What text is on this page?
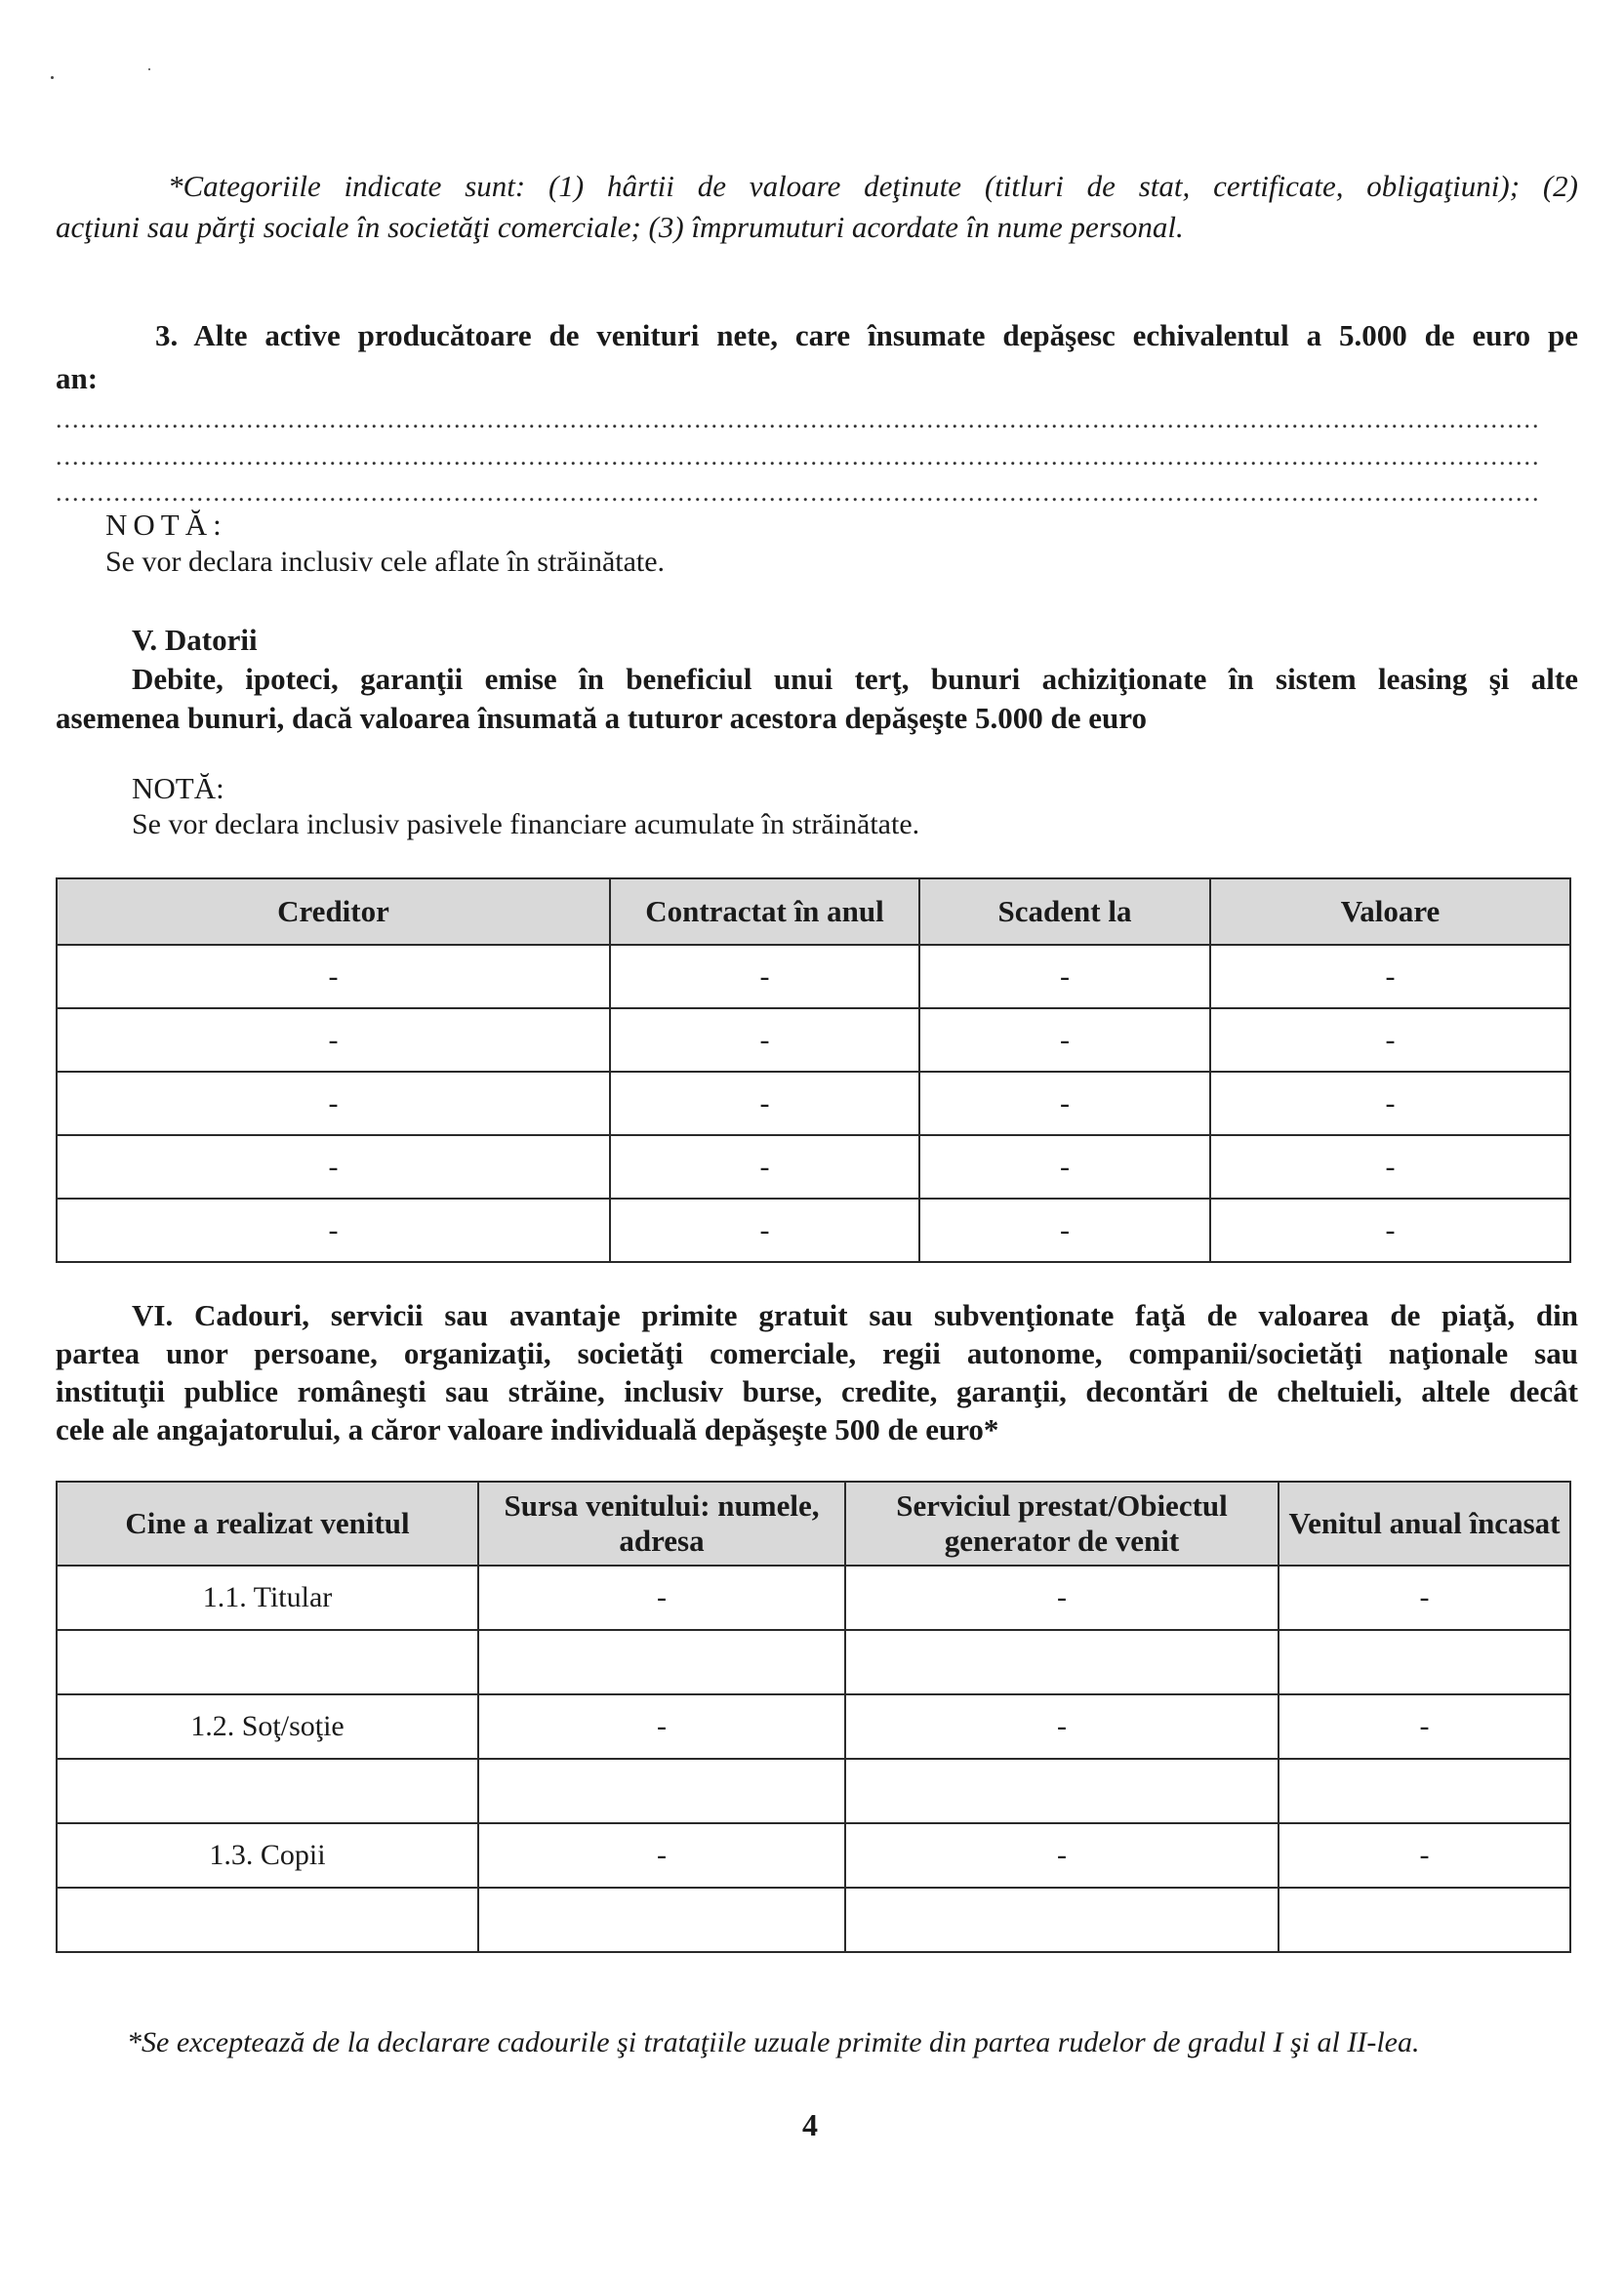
*Categoriile indicate sunt: (1) hârtii de valoare deţinute (titluri de stat, certificate, obligaţiuni); (2)
acţiuni sau părţi sociale în societăţi comerciale; (3) împrumuturi acordate în nume personal.
3. Alte active producătoare de venituri nete, care însumate depăşesc echivalentul a 5.000 de euro pe
an:
...................................................................................................................................................................................
...................................................................................................................................................................................
...................................................................................................................................................................................
NOTĂ:
Se vor declara inclusiv cele aflate în străinătate.
V. Datorii
Debite, ipoteci, garanţii emise în beneficiul unui terţ, bunuri achiziţionate în sistem leasing şi alte
asemenea bunuri, dacă valoarea însumată a tuturor acestora depăşeşte 5.000 de euro
NOTĂ:
Se vor declara inclusiv pasivele financiare acumulate în străinătate.
Creditor	Contractat în anul	Scadent la	Valoare
-	-	-	-
-	-	-	-
-	-	-	-
-	-	-	-
-	-	-	-
VI. Cadouri, servicii sau avantaje primite gratuit sau subvenţionate faţă de valoarea de piaţă, din
partea unor persoane, organizaţii, societăţi comerciale, regii autonome, companii/societăţi naţionale sau
instituţii publice româneşti sau străine, inclusiv burse, credite, garanţii, decontări de cheltuieli, altele decât
cele ale angajatorului, a căror valoare individuală depăşeşte 500 de euro*
Cine a realizat venitul	Sursa venitului: numele, adresa	Serviciul prestat/Obiectul generator de venit	Venitul anual încasat
1.1. Titular	-	-	-

1.2. Soţ/soţie	-	-	-

1.3. Copii	-	-	-

*Se exceptează de la declarare cadourile şi trataţiile uzuale primite din partea rudelor de gradul I şi al II-lea.
4
